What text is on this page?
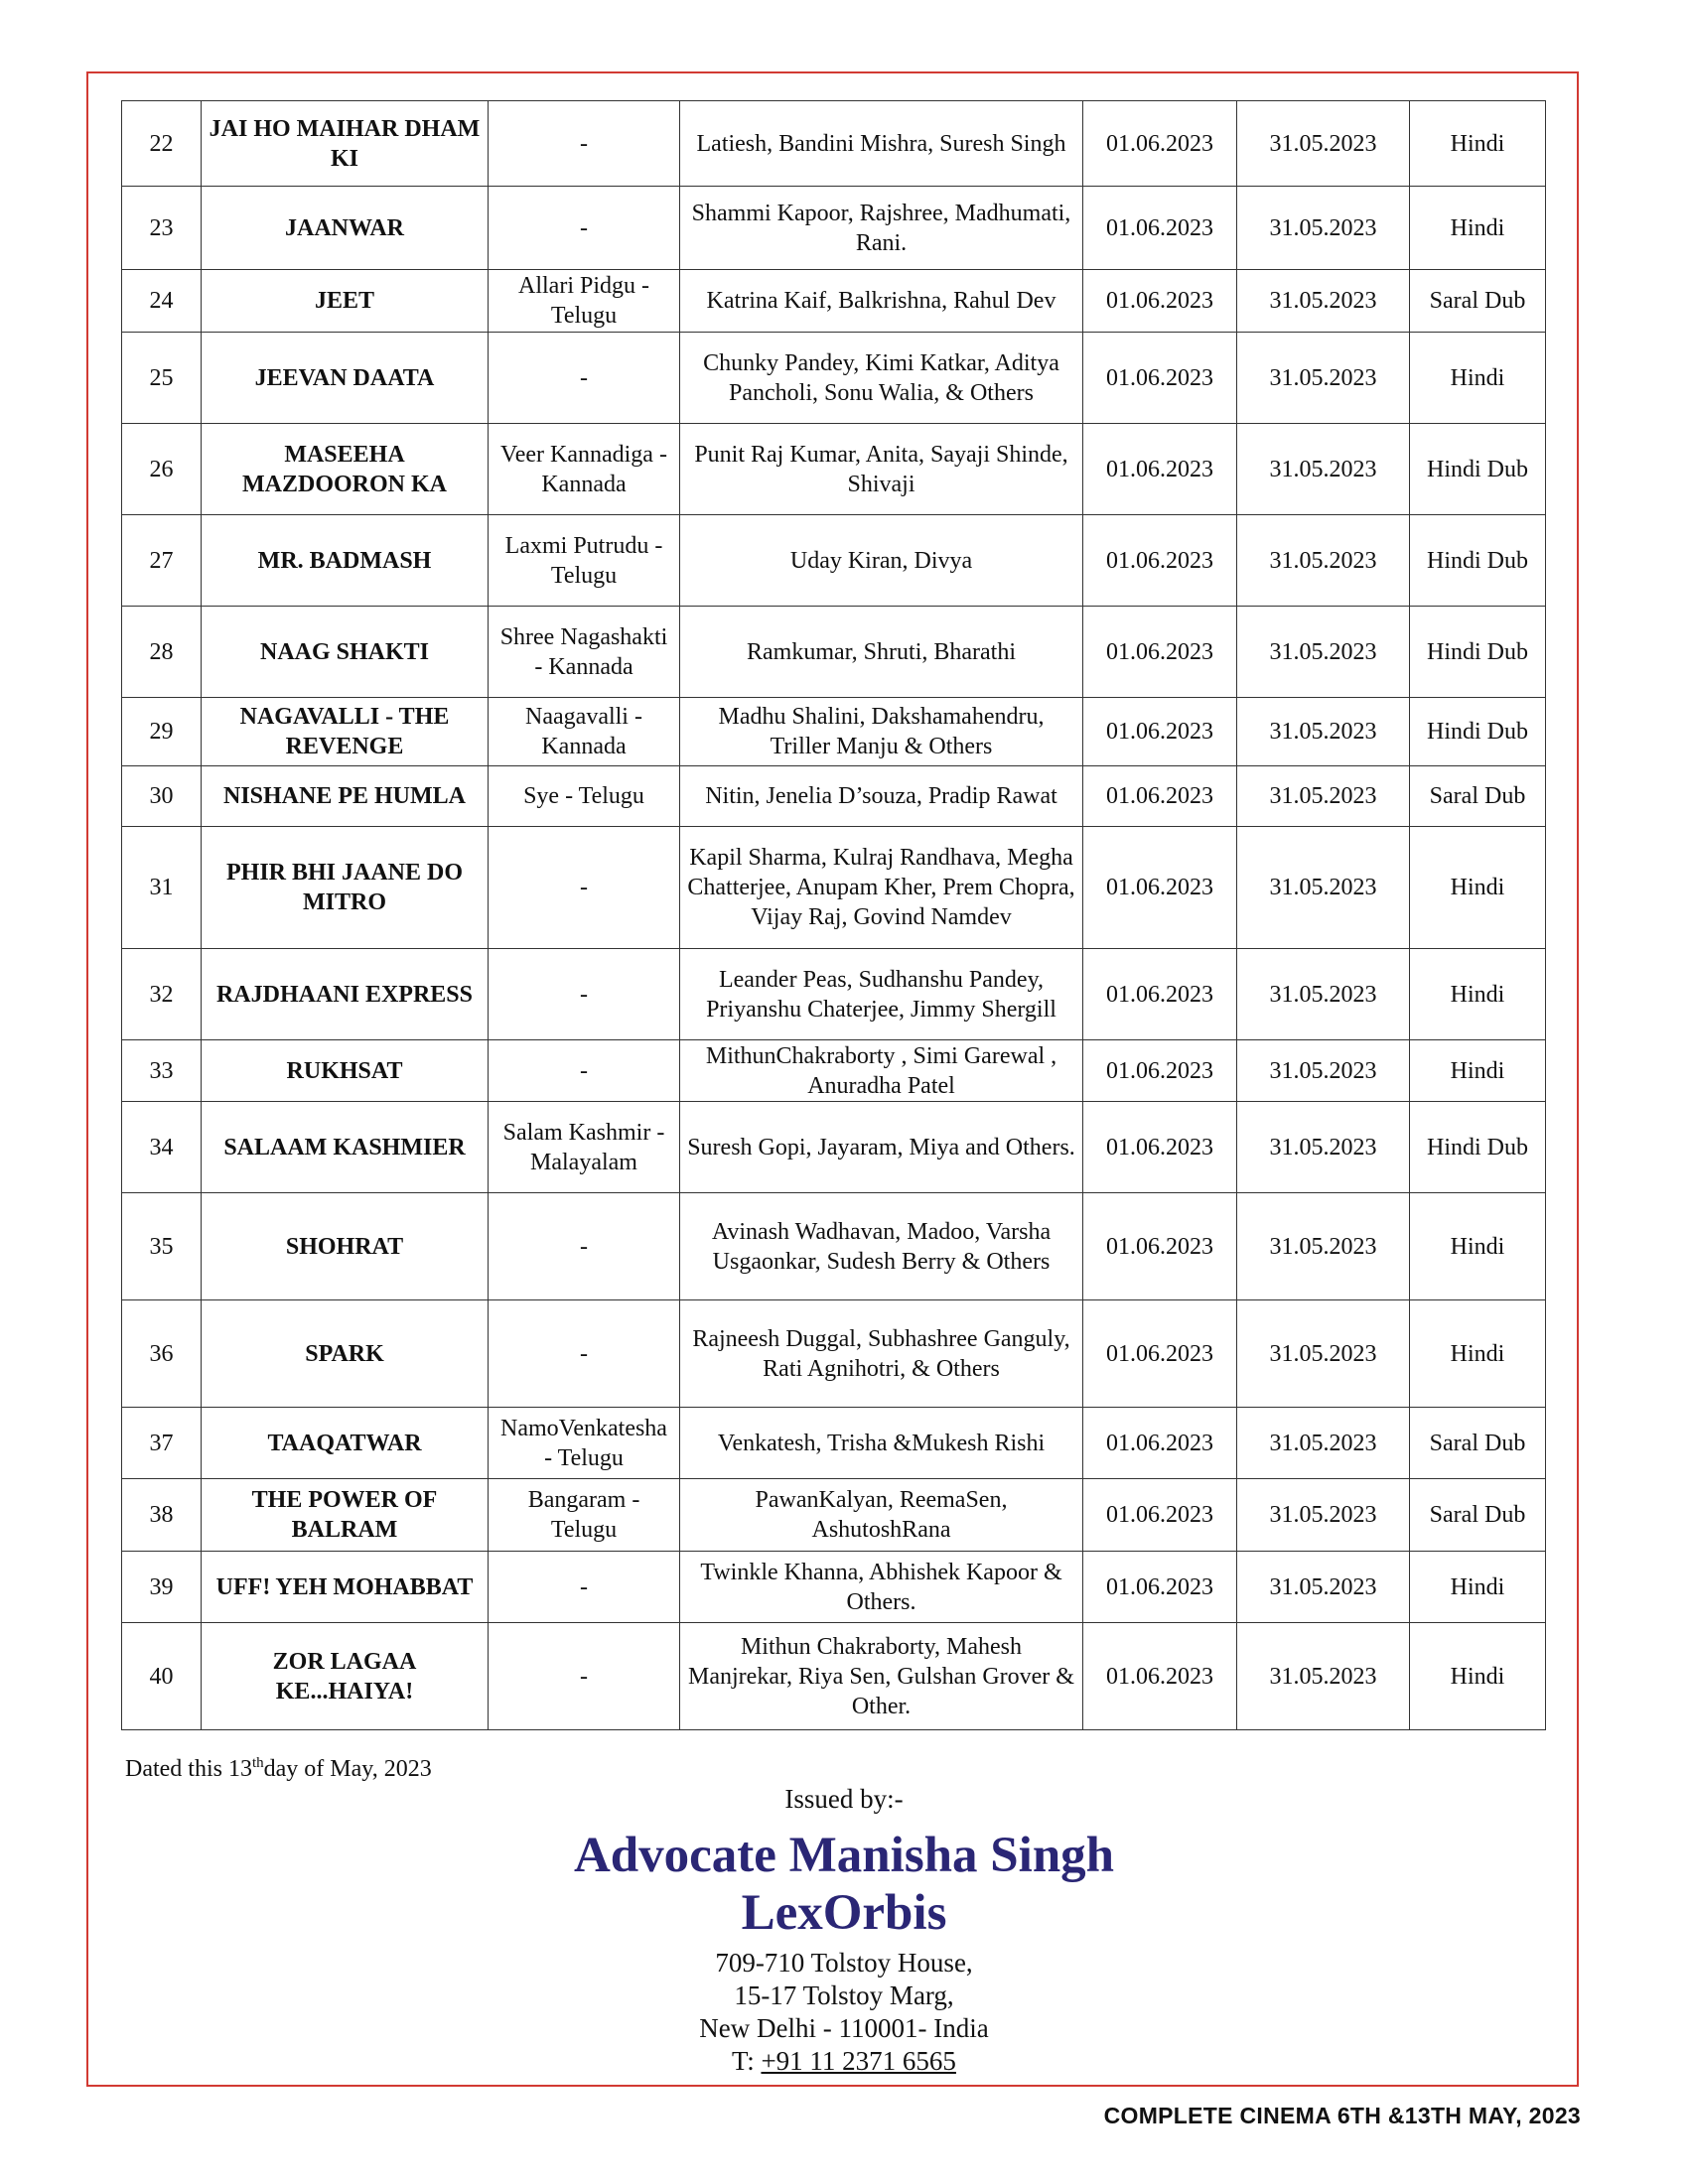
22	JAI HO MAIHAR DHAM KI	-	Latiesh, Bandini Mishra, Suresh Singh	01.06.2023	31.05.2023	Hindi
23	JAANWAR	-	Shammi Kapoor, Rajshree, Madhumati, Rani.	01.06.2023	31.05.2023	Hindi
24	JEET	Allari Pidgu - Telugu	Katrina Kaif, Balkrishna, Rahul Dev	01.06.2023	31.05.2023	Saral Dub
25	JEEVAN DAATA	-	Chunky Pandey, Kimi Katkar, Aditya Pancholi, Sonu Walia, & Others	01.06.2023	31.05.2023	Hindi
26	MASEEHA MAZDOORON KA	Veer Kannadiga - Kannada	Punit Raj Kumar, Anita, Sayaji Shinde, Shivaji	01.06.2023	31.05.2023	Hindi Dub
27	MR. BADMASH	Laxmi Putrudu - Telugu	Uday Kiran, Divya	01.06.2023	31.05.2023	Hindi Dub
28	NAAG SHAKTI	Shree Nagashakti - Kannada	Ramkumar, Shruti, Bharathi	01.06.2023	31.05.2023	Hindi Dub
29	NAGAVALLI - THE REVENGE	Naagavalli - Kannada	Madhu Shalini, Dakshamahendru, Triller Manju & Others	01.06.2023	31.05.2023	Hindi Dub
30	NISHANE PE HUMLA	Sye - Telugu	Nitin, Jenelia D’souza, Pradip Rawat	01.06.2023	31.05.2023	Saral Dub
31	PHIR BHI JAANE DO MITRO	-	Kapil Sharma, Kulraj Randhava, Megha Chatterjee, Anupam Kher, Prem Chopra, Vijay Raj, Govind Namdev	01.06.2023	31.05.2023	Hindi
32	RAJDHAANI EXPRESS	-	Leander Peas, Sudhanshu Pandey, Priyanshu Chaterjee, Jimmy Shergill	01.06.2023	31.05.2023	Hindi
33	RUKHSAT	-	MithunChakraborty , Simi Garewal , Anuradha Patel	01.06.2023	31.05.2023	Hindi
34	SALAAM KASHMIER	Salam Kashmir - Malayalam	Suresh Gopi, Jayaram, Miya and Others.	01.06.2023	31.05.2023	Hindi Dub
35	SHOHRAT	-	Avinash Wadhavan, Madoo, Varsha Usgaonkar, Sudesh Berry & Others	01.06.2023	31.05.2023	Hindi
36	SPARK	-	Rajneesh Duggal, Subhashree Ganguly, Rati Agnihotri, & Others	01.06.2023	31.05.2023	Hindi
37	TAAQATWAR	NamoVenkatesha - Telugu	Venkatesh, Trisha &Mukesh Rishi	01.06.2023	31.05.2023	Saral Dub
38	THE POWER OF BALRAM	Bangaram - Telugu	PawanKalyan, ReemaSen, AshutoshRana	01.06.2023	31.05.2023	Saral Dub
39	UFF! YEH MOHABBAT	-	Twinkle Khanna, Abhishek Kapoor & Others.	01.06.2023	31.05.2023	Hindi
40	ZOR LAGAA KE...HAIYA!	-	Mithun Chakraborty, Mahesh Manjrekar, Riya Sen, Gulshan Grover & Other.	01.06.2023	31.05.2023	Hindi
Dated this 13thday of May, 2023
Issued by:-
Advocate Manisha Singh
LexOrbis
709-710 Tolstoy House,
15-17 Tolstoy Marg,
New Delhi - 110001- India
T: +91 11 2371 6565
COMPLETE CINEMA 6TH &13TH MAY, 2023
